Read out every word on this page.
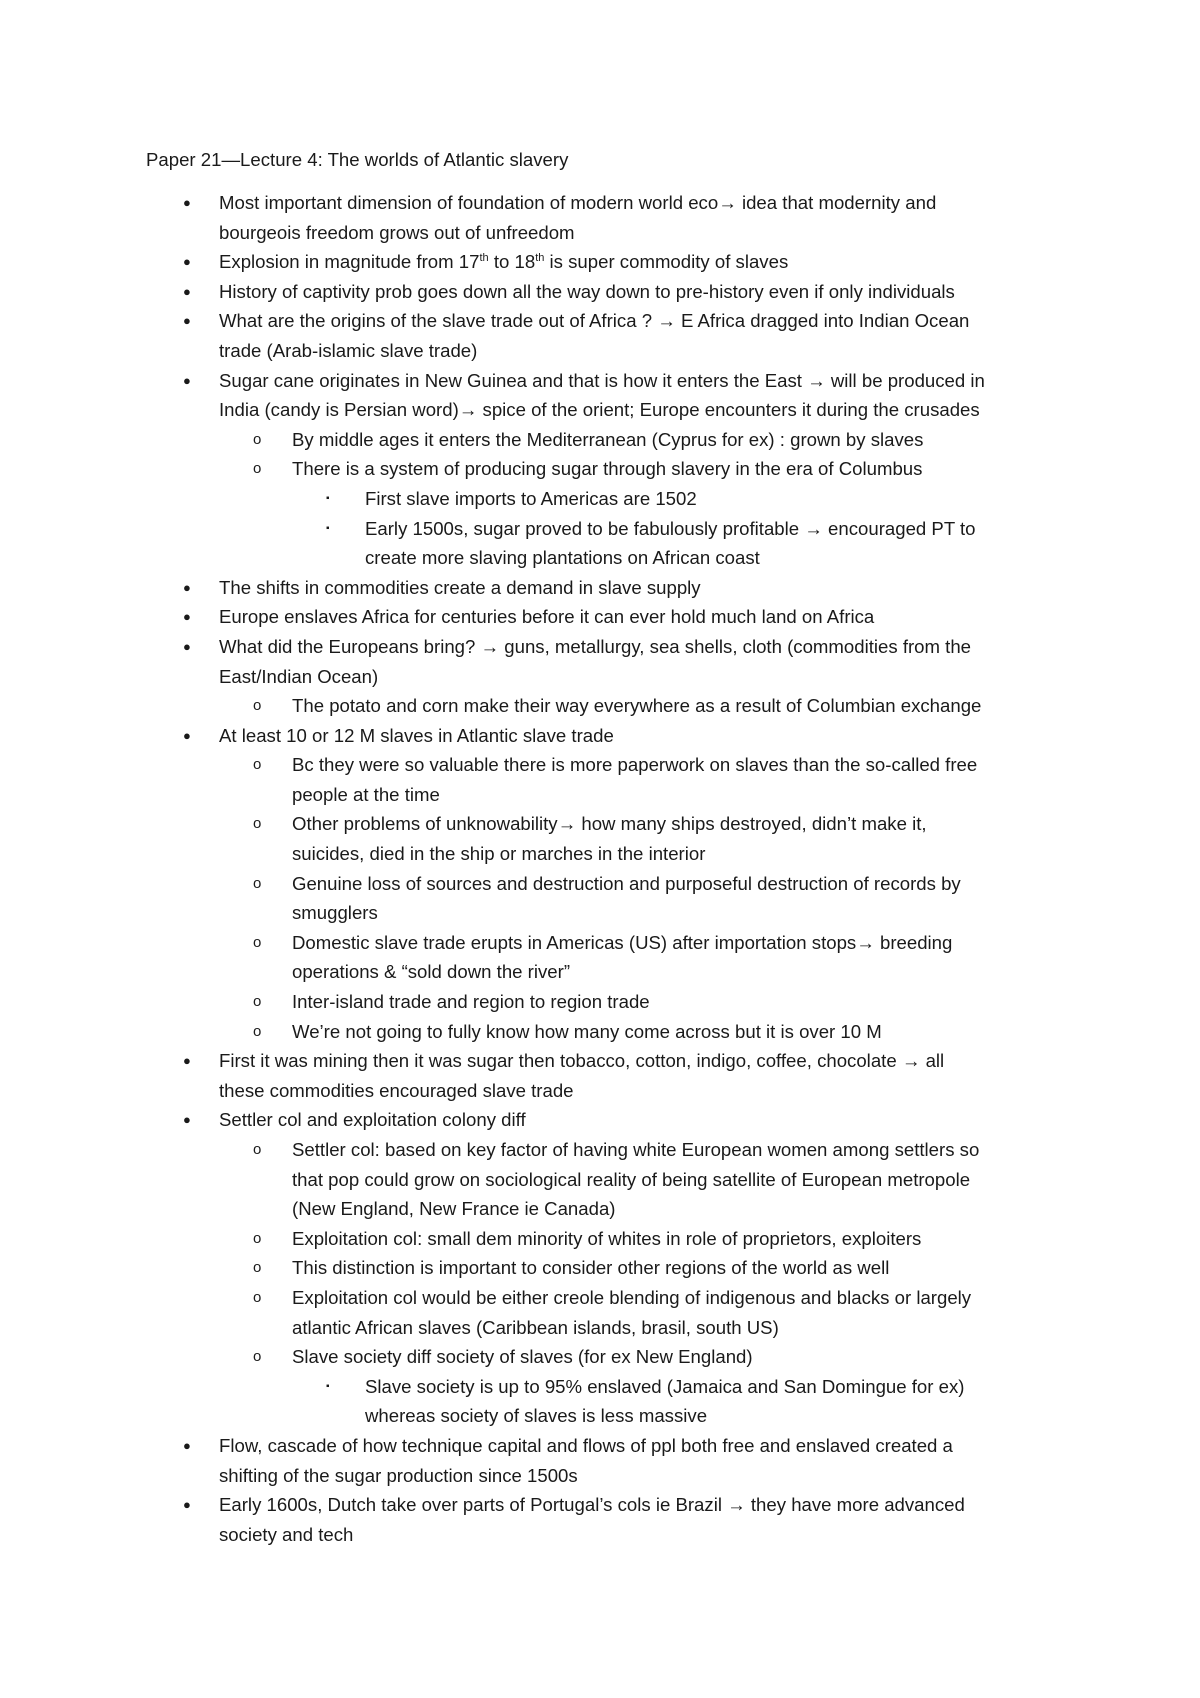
Paper 21—Lecture 4: The worlds of Atlantic slavery
● Most important dimension of foundation of modern world eco→ idea that modernity and
bourgeois freedom grows out of unfreedom
● Explosion in magnitude from 17th to 18th is super commodity of slaves
● History of captivity prob goes down all the way down to pre-history even if only individuals
● What are the origins of the slave trade out of Africa ? → E Africa dragged into Indian Ocean
trade (Arab-islamic slave trade)
● Sugar cane originates in New Guinea and that is how it enters the East → will be produced in
India (candy is Persian word)→ spice of the orient; Europe encounters it during the crusades
o By middle ages it enters the Mediterranean (Cyprus for ex) : grown by slaves
o There is a system of producing sugar through slavery in the era of Columbus
▪ First slave imports to Americas are 1502
▪ Early 1500s, sugar proved to be fabulously profitable → encouraged PT to
create more slaving plantations on African coast
● The shifts in commodities create a demand in slave supply
● Europe enslaves Africa for centuries before it can ever hold much land on Africa
● What did the Europeans bring? → guns, metallurgy, sea shells, cloth (commodities from the
East/Indian Ocean)
o The potato and corn make their way everywhere as a result of Columbian exchange
● At least 10 or 12 M slaves in Atlantic slave trade
o Bc they were so valuable there is more paperwork on slaves than the so-called free
people at the time
o Other problems of unknowability→ how many ships destroyed, didn’t make it,
suicides, died in the ship or marches in the interior
o Genuine loss of sources and destruction and purposeful destruction of records by
smugglers
o Domestic slave trade erupts in Americas (US) after importation stops→ breeding
operations & “sold down the river”
o Inter-island trade and region to region trade
o We’re not going to fully know how many come across but it is over 10 M
● First it was mining then it was sugar then tobacco, cotton, indigo, coffee, chocolate → all
these commodities encouraged slave trade
● Settler col and exploitation colony diff
o Settler col: based on key factor of having white European women among settlers so
that pop could grow on sociological reality of being satellite of European metropole
(New England, New France ie Canada)
o Exploitation col: small dem minority of whites in role of proprietors, exploiters
o This distinction is important to consider other regions of the world as well
o Exploitation col would be either creole blending of indigenous and blacks or largely
atlantic African slaves (Caribbean islands, brasil, south US)
o Slave society diff society of slaves (for ex New England)
▪ Slave society is up to 95% enslaved (Jamaica and San Domingue for ex)
whereas society of slaves is less massive
● Flow, cascade of how technique capital and flows of ppl both free and enslaved created a
shifting of the sugar production since 1500s
● Early 1600s, Dutch take over parts of Portugal’s cols ie Brazil → they have more advanced
society and tech
